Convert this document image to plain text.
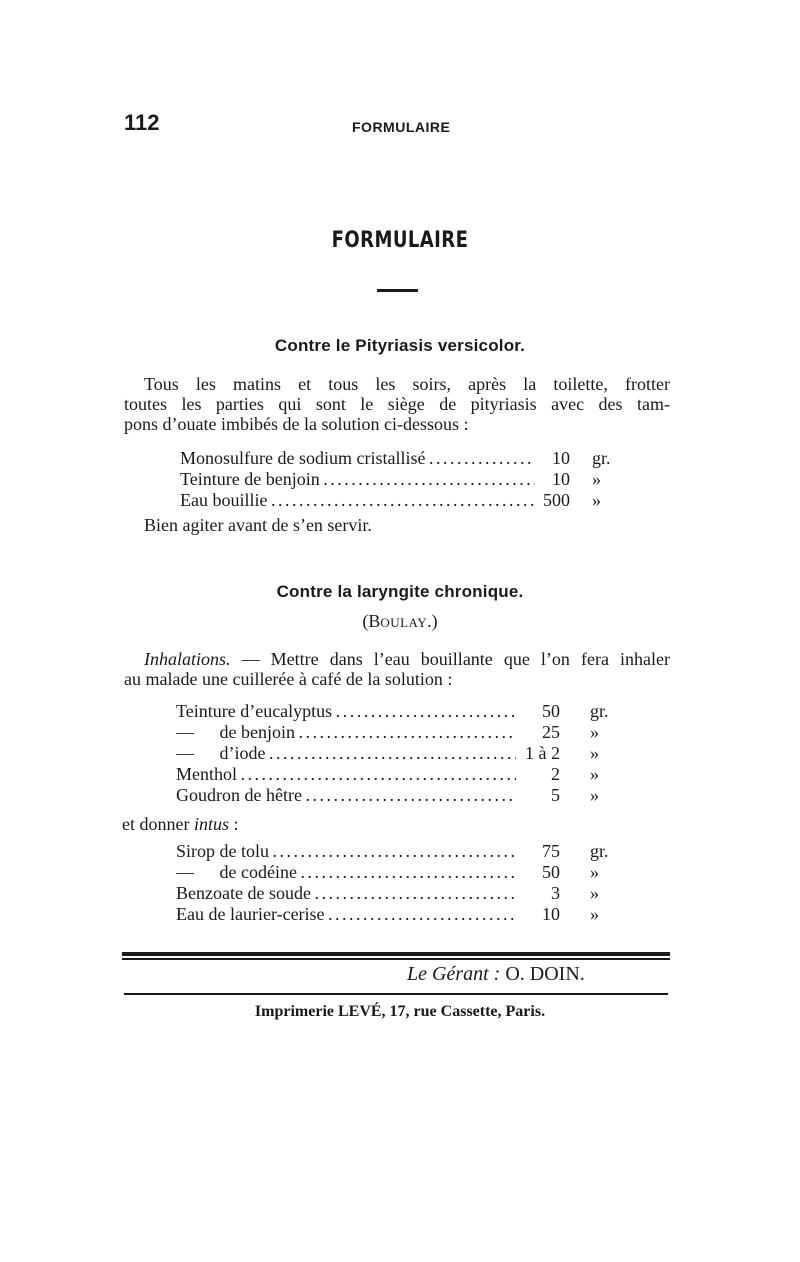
112	FORMULAIRE
FORMULAIRE
Contre le Pityriasis versicolor.
Tous les matins et tous les soirs, après la toilette, frotter
toutes les parties qui sont le siège de pityriasis avec des tam-
pons d’ouate imbibés de la solution ci-dessous :
Monosulfure de sodium cristallisé . . .	10 gr.
Teinture de benjoin . . .	10 »
Eau bouillie . . .	500 »
Bien agiter avant de s’en servir.
Contre la laryngite chronique.
(BOULAY.)
Inhalations. — Mettre dans l’eau bouillante que l’on fera inhaler
au malade une cuillerée à café de la solution :
Teinture d’eucalyptus . . .	50 gr.
— de benjoin . . .	25 »
— d’iode . . .	1 à 2 »
Menthol . . .	2 »
Goudron de hêtre . . .	5 »
et donner intus :
Sirop de tolu . . .	75 gr.
— de codéine . . .	50 »
Benzoate de soude . . .	3 »
Eau de laurier-cerise . . .	10 »
Le Gérant : O. DOIN.
Imprimerie LEVÉ, 17, rue Cassette, Paris.
